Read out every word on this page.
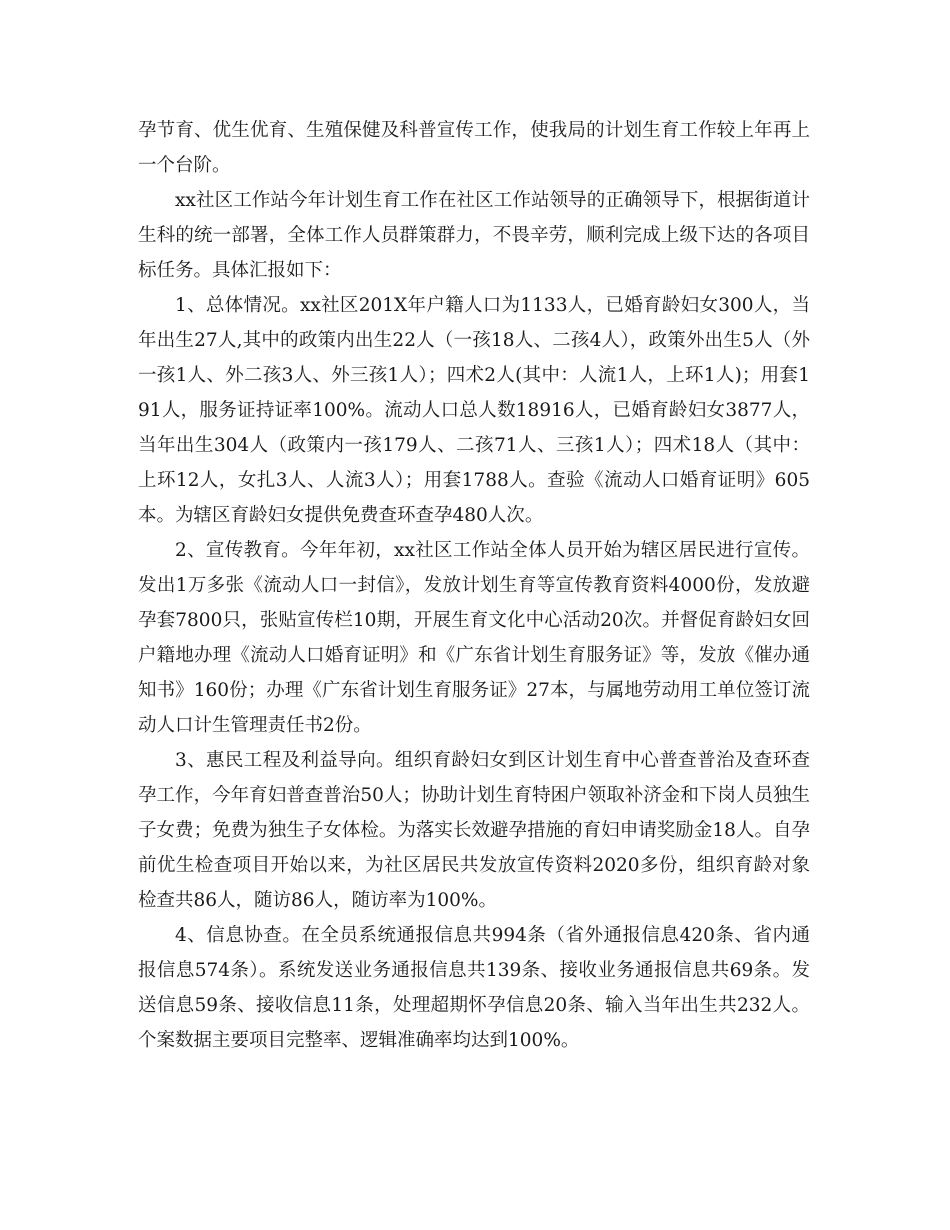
孕节育、优生优育、生殖保健及科普宣传工作，使我局的计划生育工作较上年再上一个台阶。

xx社区工作站今年计划生育工作在社区工作站领导的正确领导下，根据街道计生科的统一部署，全体工作人员群策群力，不畏辛劳，顺利完成上级下达的各项目标任务。具体汇报如下：

1、总体情况。xx社区201X年户籍人口为1133人，已婚育龄妇女300人，当年出生27人,其中的政策内出生22人（一孩18人、二孩4人），政策外出生5人（外一孩1人、外二孩3人、外三孩1人）；四术2人(其中：人流1人，上环1人)；用套191人，服务证持证率100%。流动人口总人数18916人，已婚育龄妇女3877人，当年出生304人（政策内一孩179人、二孩71人、三孩1人）；四术18人（其中：上环12人，女扎3人、人流3人）；用套1788人。查验《流动人口婚育证明》605本。为辖区育龄妇女提供免费查环查孕480人次。

2、宣传教育。今年年初，xx社区工作站全体人员开始为辖区居民进行宣传。发出1万多张《流动人口一封信》，发放计划生育等宣传教育资料4000份，发放避孕套7800只，张贴宣传栏10期，开展生育文化中心活动20次。并督促育龄妇女回户籍地办理《流动人口婚育证明》和《广东省计划生育服务证》等，发放《催办通知书》160份；办理《广东省计划生育服务证》27本，与属地劳动用工单位签订流动人口计生管理责任书2份。

3、惠民工程及利益导向。组织育龄妇女到区计划生育中心普查普治及查环查孕工作，今年育妇普查普治50人；协助计划生育特困户领取补济金和下岗人员独生子女费；免费为独生子女体检。为落实长效避孕措施的育妇申请奖励金18人。自孕前优生检查项目开始以来，为社区居民共发放宣传资料2020多份，组织育龄对象检查共86人，随访86人，随访率为100%。

4、信息协查。在全员系统通报信息共994条（省外通报信息420条、省内通报信息574条）。系统发送业务通报信息共139条、接收业务通报信息共69条。发送信息59条、接收信息11条，处理超期怀孕信息20条、输入当年出生共232人。个案数据主要项目完整率、逻辑准确率均达到100%。
